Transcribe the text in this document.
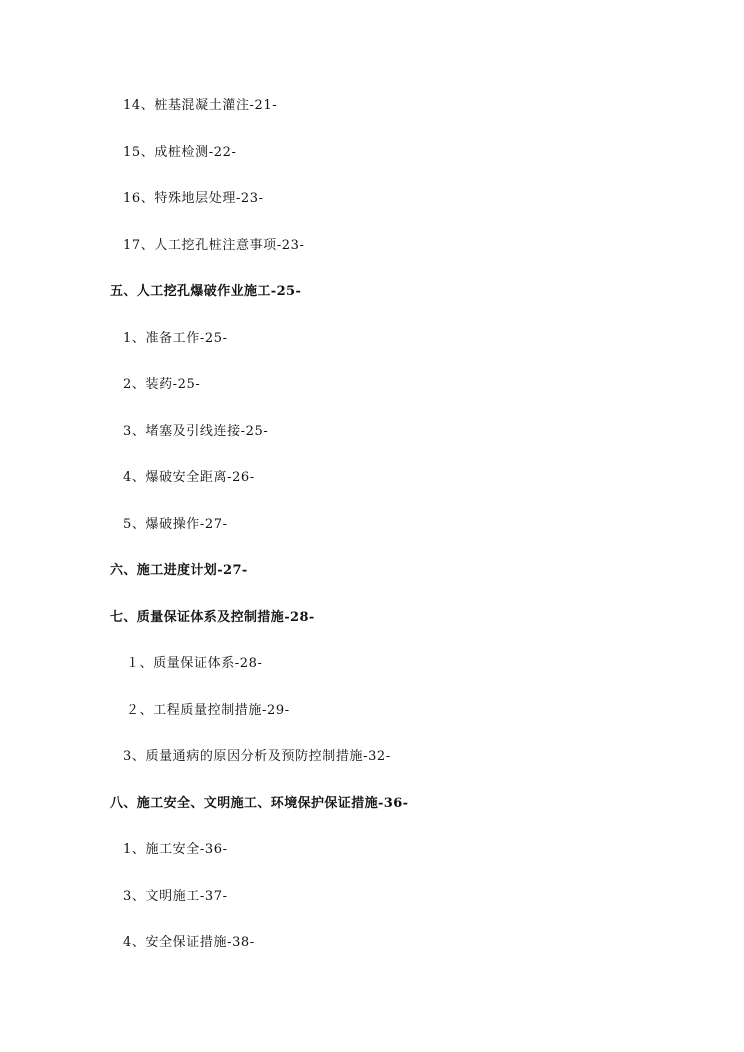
14、桩基混凝土灌注-21-
15、成桩检测-22-
16、特殊地层处理-23-
17、人工挖孔桩注意事项-23-
五、人工挖孔爆破作业施工-25-
1、准备工作-25-
2、装药-25-
3、堵塞及引线连接-25-
4、爆破安全距离-26-
5、爆破操作-27-
六、施工进度计划-27-
七、质量保证体系及控制措施-28-
１、质量保证体系-28-
２、工程质量控制措施-29-
3、质量通病的原因分析及预防控制措施-32-
八、施工安全、文明施工、环境保护保证措施-36-
1、施工安全-36-
3、文明施工-37-
4、安全保证措施-38-
